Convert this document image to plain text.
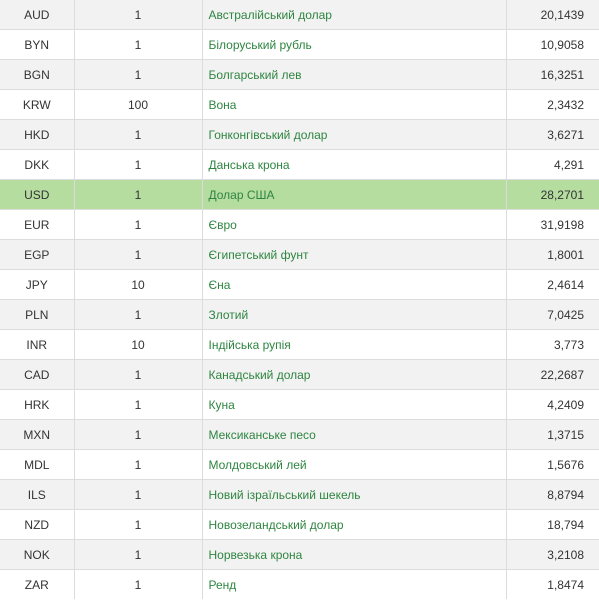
AUD	1	Австралійський долар	20,1439
BYN	1	Білоруський рубль	10,9058
BGN	1	Болгарський лев	16,3251
KRW	100	Вона	2,3432
HKD	1	Гонконгівський долар	3,6271
DKK	1	Данська крона	4,291
USD	1	Долар США	28,2701
EUR	1	Євро	31,9198
EGP	1	Єгипетський фунт	1,8001
JPY	10	Єна	2,4614
PLN	1	Злотий	7,0425
INR	10	Індійська рупія	3,773
CAD	1	Канадський долар	22,2687
HRK	1	Куна	4,2409
MXN	1	Мексиканське песо	1,3715
MDL	1	Молдовський лей	1,5676
ILS	1	Новий ізраїльський шекель	8,8794
NZD	1	Новозеландський долар	18,794
NOK	1	Норвезька крона	3,2108
ZAR	1	Ренд	1,8474
